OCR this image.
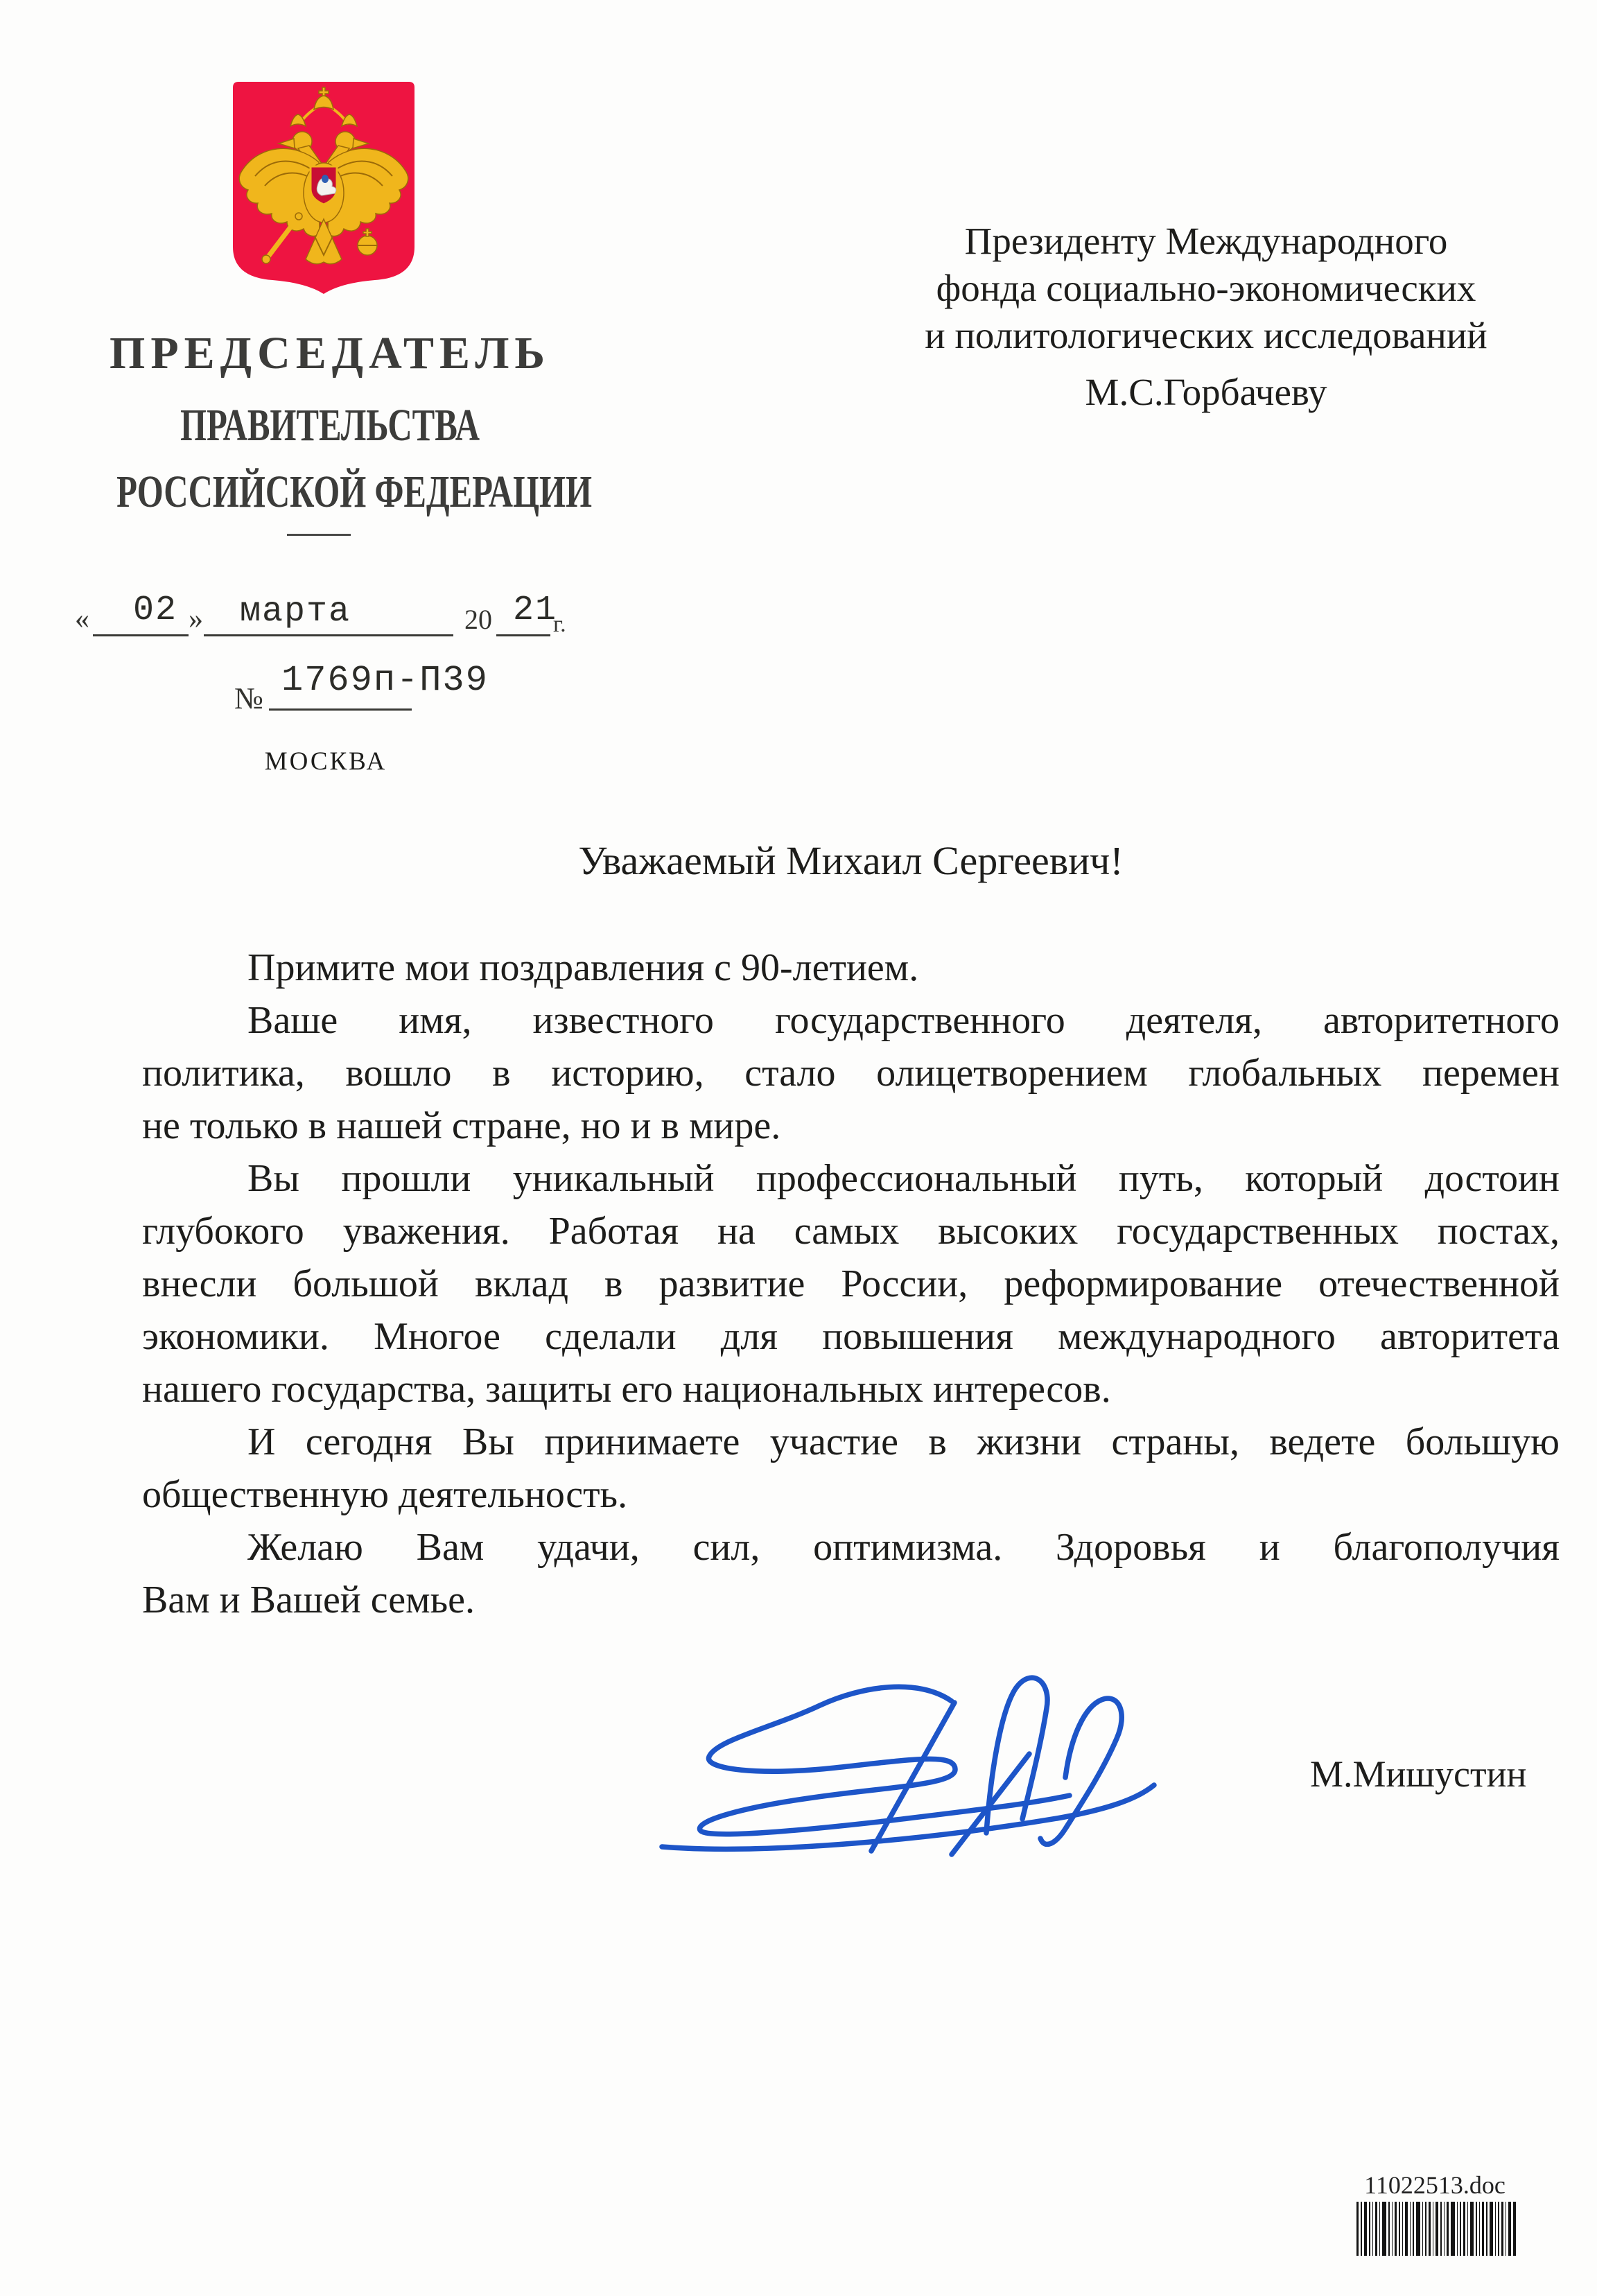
ПРЕДСЕДАТЕЛЬ
ПРАВИТЕЛЬСТВА
РОССИЙСКОЙ ФЕДЕРАЦИИ
Президенту Международного
фонда социально-экономических
и политологических исследований
М.С.Горбачеву
« 02 » марта	20 21
г.
№ 1769п-П39
МОСКВА
Уважаемый Михаил Сергеевич!
Примите мои поздравления с 90-летием.
Ваше имя, известного государственного деятеля, авторитетного
политика, вошло в историю, стало олицетворением глобальных перемен
не только в нашей стране, но и в мире.
Вы прошли уникальный профессиональный путь, который достоин
глубокого уважения. Работая на самых высоких государственных постах,
внесли большой вклад в развитие России, реформирование отечественной
экономики. Многое сделали для повышения международного авторитета
нашего государства, защиты его национальных интересов.
И сегодня Вы принимаете участие в жизни страны, ведете большую
общественную деятельность.
Желаю Вам удачи, сил, оптимизма. Здоровья и благополучия
Вам и Вашей семье.
М.Мишустин
11022513.doc
